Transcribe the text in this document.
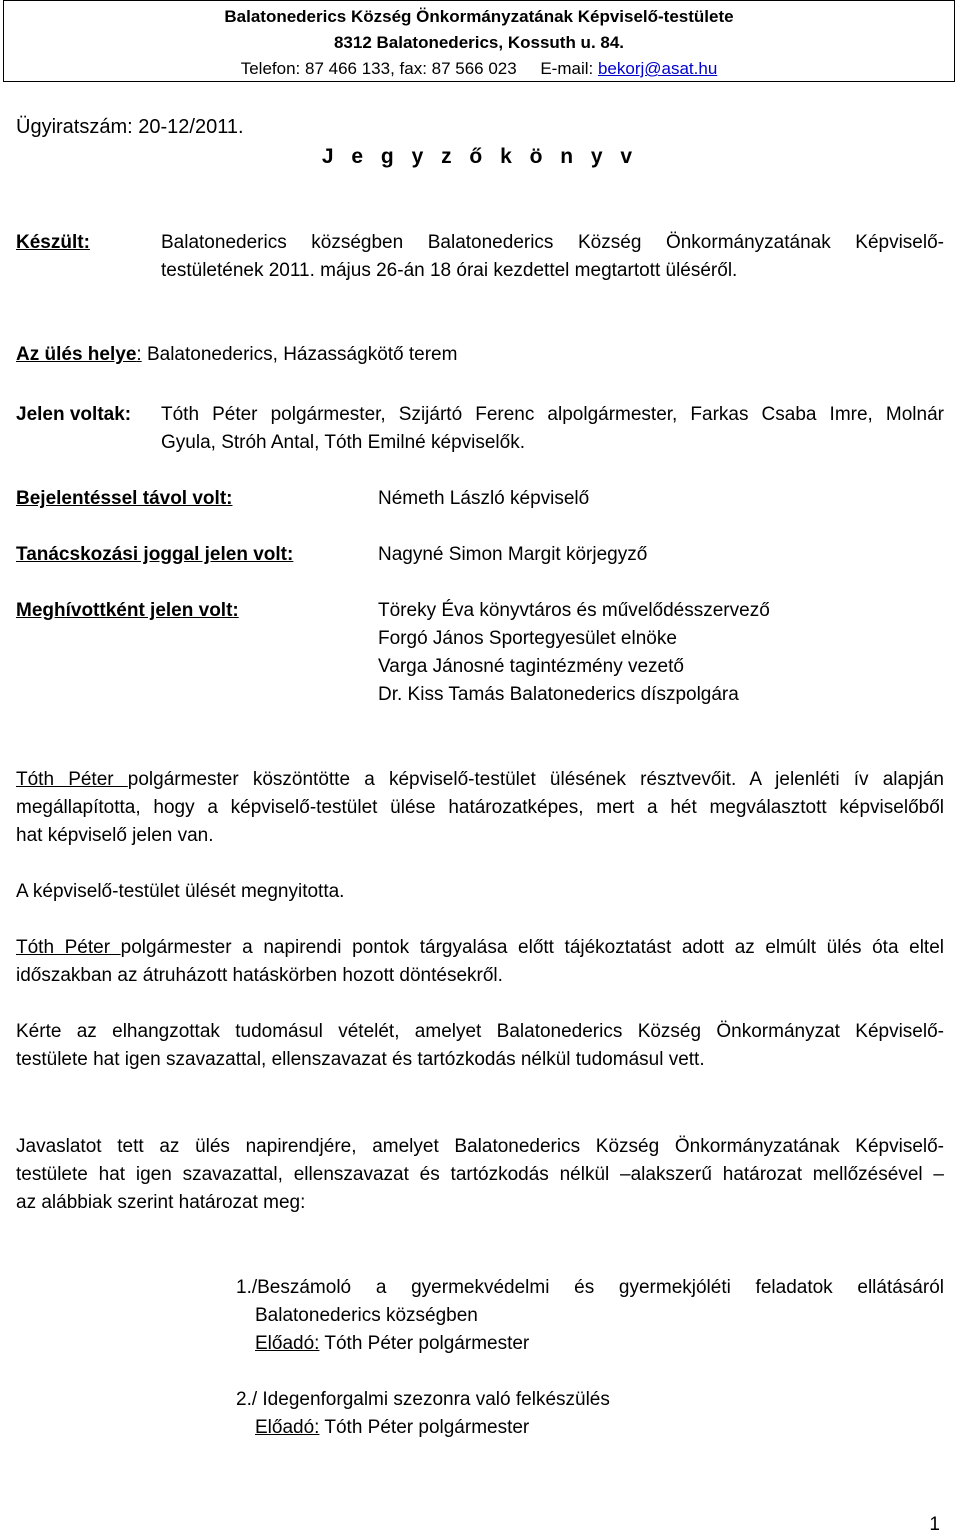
Balatonederics Község Önkormányzatának Képviselő-testülete
8312 Balatonederics, Kossuth u. 84.
Telefon: 87 466 133, fax: 87 566 023     E-mail: bekorj@asat.hu
Ügyiratszám: 20-12/2011.
J e g y z ő k ö n y v
Készült:	Balatonederics községben Balatonederics Község Önkormányzatának Képviselő-
testületének 2011. május 26-án 18 órai kezdettel megtartott üléséről.
Az ülés helye: Balatonederics, Házasságkötő terem
Jelen voltak: Tóth Péter polgármester, Szijártó Ferenc alpolgármester, Farkas Csaba Imre, Molnár
Gyula, Stróh Antal, Tóth Emilné képviselők.
Bejelentéssel távol volt:	Németh László képviselő
Tanácskozási joggal jelen volt:	Nagyné Simon Margit körjegyző
Meghívottként jelen volt:	Töreky Éva könyvtáros és művelődésszervező
Forgó János Sportegyesület elnöke
Varga Jánosné tagintézmény vezető
Dr. Kiss Tamás Balatonederics díszpolgára
Tóth Péter polgármester köszöntötte a képviselő-testület ülésének résztvevőit. A jelenléti ív alapján
megállapította, hogy a képviselő-testület ülése határozatképes, mert a hét megválasztott képviselőből
hat képviselő jelen van.
A képviselő-testület ülését megnyitotta.
Tóth Péter polgármester a napirendi pontok tárgyalása előtt tájékoztatást adott az elmúlt ülés óta eltel
időszakban az átruházott hatáskörben hozott döntésekről.
Kérte az elhangzottak tudomásul vételét, amelyet Balatonederics Község Önkormányzat Képviselő-
testülete hat igen szavazattal, ellenszavazat és tartózkodás nélkül tudomásul vett.
Javaslatot tett az ülés napirendjére, amelyet Balatonederics Község Önkormányzatának Képviselő-
testülete hat igen szavazattal, ellenszavazat és tartózkodás nélkül –alakszerű határozat mellőzésével –
az alábbiak szerint határozat meg:
1./Beszámoló a gyermekvédelmi és gyermekjóléti feladatok ellátásáról
Balatonederics községben
Előadó: Tóth Péter polgármester
2./ Idegenforgalmi szezonra való felkészülés
Előadó: Tóth Péter polgármester
1
